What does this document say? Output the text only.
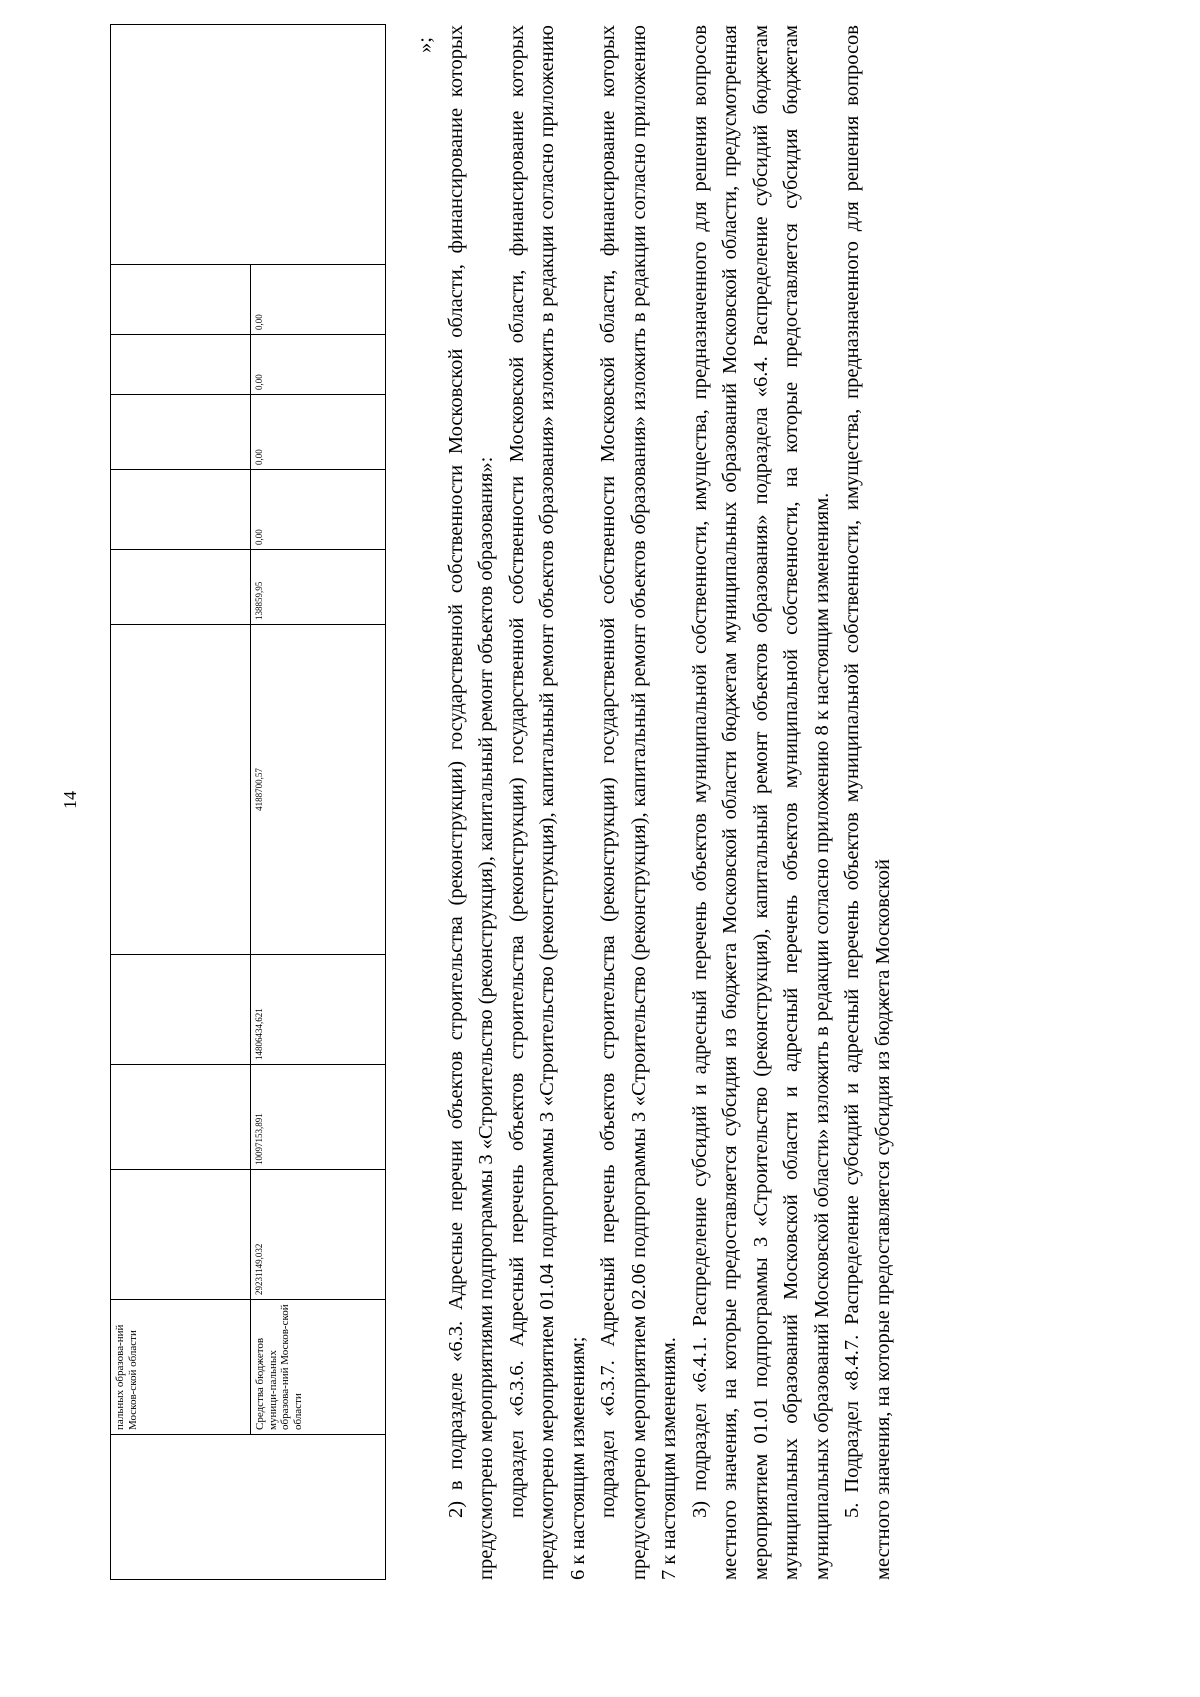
14
	пальных образова-ний Москов-ской области										
	Средства бюджетов муници-пальных образова-ний Москов-ской области	29231149,032	10097153,891	14806434,621	4188700,57	138859,95	0,00	0,00	0,00	0,00	

»; 2) в подразделе «6.3. Адресные перечни объектов строительства (реконструкции) государственной собственности Московской области, финансирование которых предусмотрено мероприятиями подпрограммы 3 «Строительство (реконструкция), капитальный ремонт объектов образования»: подраздел «6.3.6. Адресный перечень объектов строительства (реконструкции) государственной собственности Московской области, финансирование которых предусмотрено мероприятием 01.04 подпрограммы 3 «Строительство (реконструкция), капитальный ремонт объектов образования» изложить в редакции согласно приложению 6 к настоящим изменениям; подраздел «6.3.7. Адресный перечень объектов строительства (реконструкции) государственной собственности Московской области, финансирование которых предусмотрено мероприятием 02.06 подпрограммы 3 «Строительство (реконструкция), капитальный ремонт объектов образования» изложить в редакции согласно приложению 7 к настоящим изменениям. 3) подраздел «6.4.1. Распределение субсидий и адресный перечень объектов муниципальной собственности, имущества, предназначенного для решения вопросов местного значения, на которые предоставляется субсидия из бюджета Московской области бюджетам муниципальных образований Московской области, предусмотренная мероприятием 01.01 подпрограммы 3 «Строительство (реконструкция), капитальный ремонт объектов образования» подраздела «6.4. Распределение субсидий бюджетам муниципальных образований Московской области и адресный перечень объектов муниципальной собственности, на которые предоставляется субсидия бюджетам муниципальных образований Московской области» изложить в редакции согласно приложению 8 к настоящим изменениям. 5. Подраздел «8.4.7. Распределение субсидий и адресный перечень объектов муниципальной собственности, имущества, предназначенного для решения вопросов местного значения, на которые предоставляется субсидия из бюджета Московской
